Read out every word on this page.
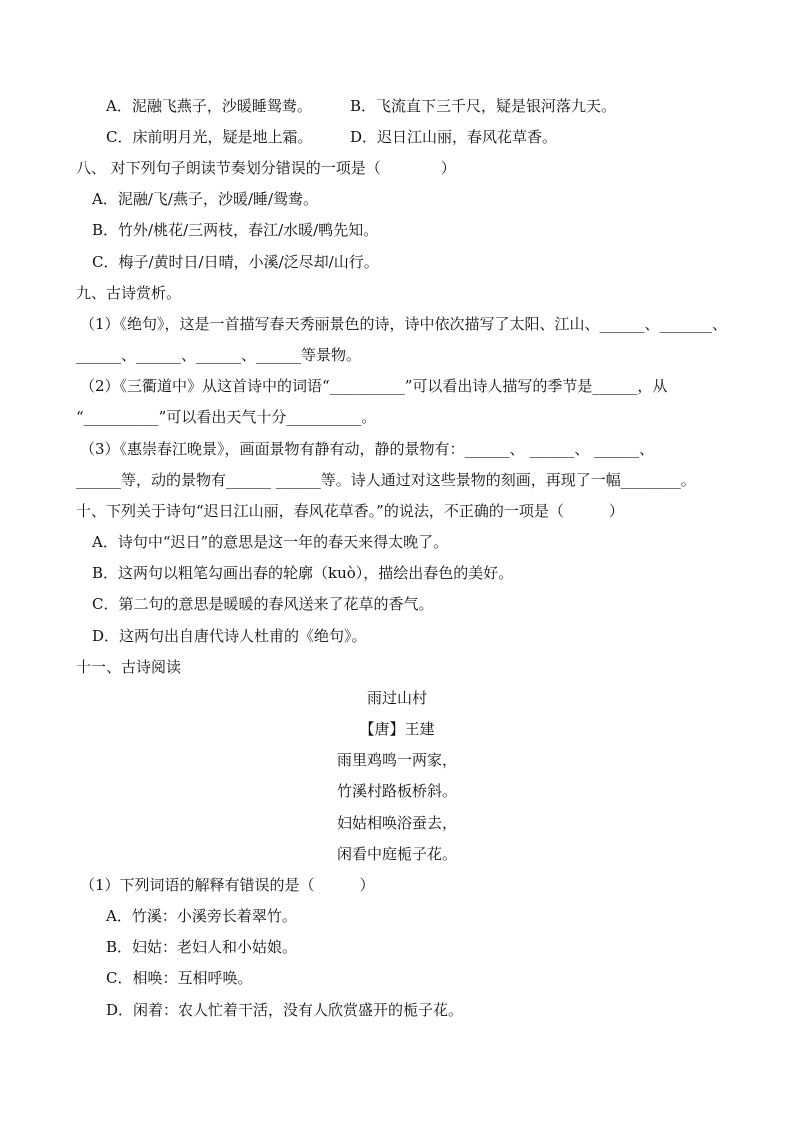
A．泥融飞燕子，沙暖睡鸳鸯。	B．飞流直下三千尺，疑是银河落九天。
C．床前明月光，疑是地上霜。	D．迟日江山丽，春风花草香。
八、 对下列句子朗读节奏划分错误的一项是（　　　　）
A．泥融/飞/燕子，沙暖/睡/鸳鸯。
B．竹外/桃花/三两枝，春江/水暖/鸭先知。
C．梅子/黄时日/日晴，小溪/泛尽却/山行。
九、古诗赏析。
（1）《绝句》，这是一首描写春天秀丽景色的诗，诗中依次描写了太阳、江山、______、_______、
______、______、______、______等景物。
（2）《三衢道中》从这首诗中的词语“__________”可以看出诗人描写的季节是______，从
“__________”可以看出天气十分__________。
（3）《惠崇春江晚景》，画面景物有静有动，静的景物有：______、 ______、 ______、
______等，动的景物有______ ______等。诗人通过对这些景物的刻画，再现了一幅________。
十、下列关于诗句“迟日江山丽，春风花草香。”的说法，不正确的一项是（　　　）
A．诗句中“迟日”的意思是这一年的春天来得太晚了。
B．这两句以粗笔勾画出春的轮廓（kuò），描绘出春色的美好。
C．第二句的意思是暖暖的春风送来了花草的香气。
D．这两句出自唐代诗人杜甫的《绝句》。
十一、古诗阅读
雨过山村
【唐】王建
雨里鸡鸣一两家，
竹溪村路板桥斜。
妇姑相唤浴蚕去，
闲看中庭栀子花。
（1）下列词语的解释有错误的是（　　　）
A．竹溪：小溪旁长着翠竹。
B．妇姑：老妇人和小姑娘。
C．相唤：互相呼唤。
D．闲着：农人忙着干活，没有人欣赏盛开的栀子花。
